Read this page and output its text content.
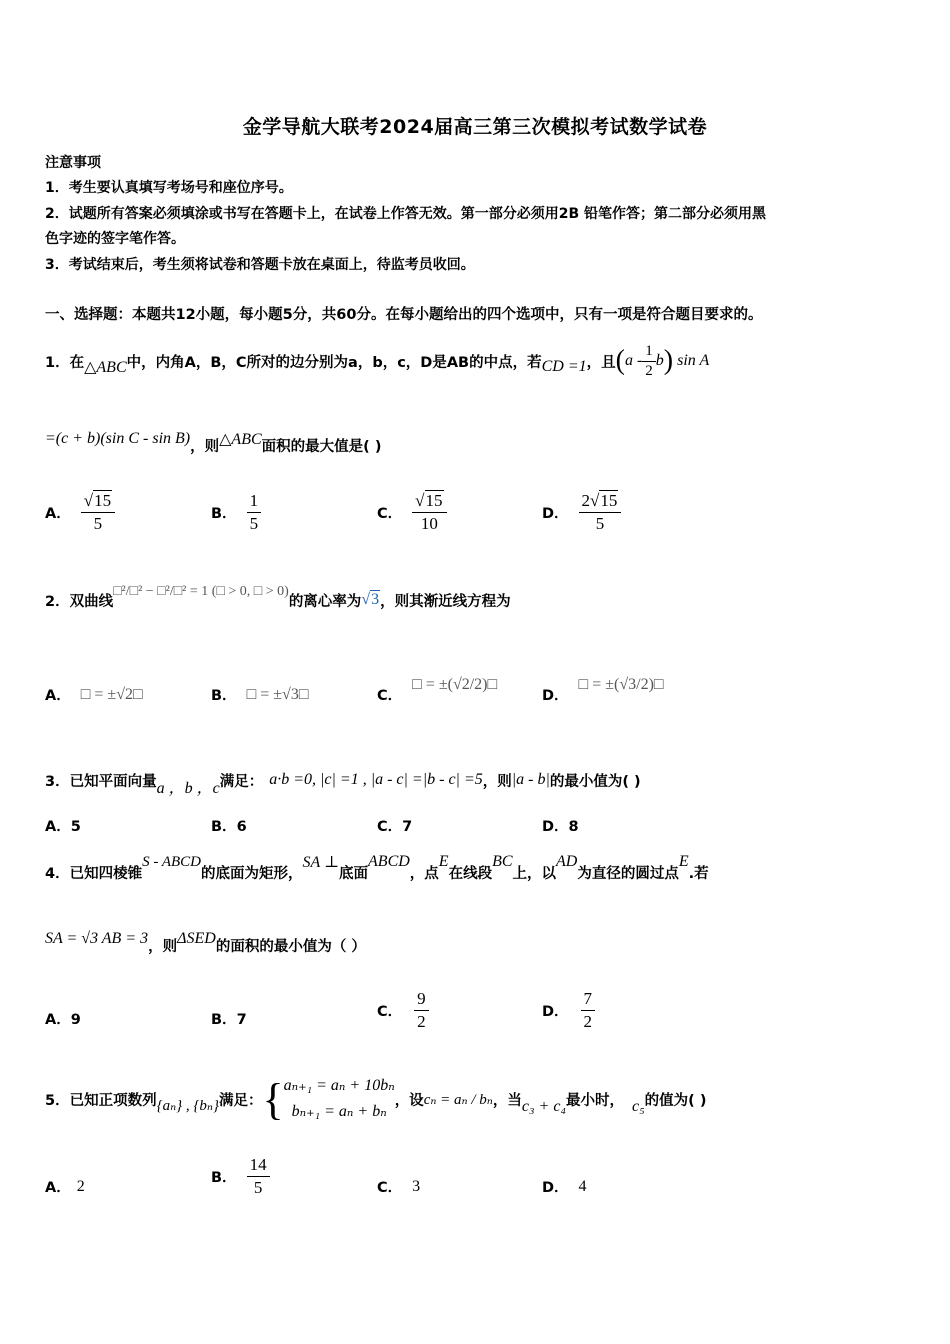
金学导航大联考2024届高三第三次模拟考试数学试卷
注意事项
1．考生要认真填写考场号和座位序号。
2．试题所有答案必须填涂或书写在答题卡上，在试卷上作答无效。第一部分必须用2B 铅笔作答；第二部分必须用黑
色字迹的签字笔作答。
3．考试结束后，考生须将试卷和答题卡放在桌面上，待监考员收回。
一、选择题：本题共12小题，每小题5分，共60分。在每小题给出的四个选项中，只有一项是符合题目要求的。
1．在 △ABC 中，内角A，B，C所对的边分别为a，b，c，D是AB的中点，若 CD =1 ，且 ( a - $\frac{1}{2}$ b ) sin A
=(c + b)(sin C - sin B) ，则 △ABC 面积的最大值是( )
A． $\frac{√15}{5}$	B． $\frac{1}{5}$	C． $\frac{√15}{10}$	D． $\frac{2√15}{5}$
2．双曲线
□²/□² − □²/□² = 1 (□ > 0, □ > 0)
的离心率为 √3 ，则其渐近线方程为
A． □ = ±√2□	B． □ = ±√3□	C．
□ = ±(√2/2)□
D．
□ = ±(√3/2)□
3．已知平面向量 a ，b ，c 满足： a·b =0, |c| =1 , |a - c| =|b - c| =5 ，则 |a - b| 的最小值为( )
A．5	B．6	C．7	D．8
4．已知四棱锥
S - ABCD
的底面为矩形，
SA ⊥
底面
ABCD
，点
E
在线段
BC
上，以
AD
为直径的圆过点
E
.若
SA = √3 AB = 3 ，则 ΔSED 的面积的最小值为（ ）
A．9	B．7
C． $\frac{9}{2}$	D． $\frac{7}{2}$
5．已知正项数列 {aₙ} , {bₙ} 满足： { aₙ₊₁ = aₙ + 10bₙ
bₙ₊₁ = aₙ + bₙ
，设 cₙ = aₙ / bₙ ，当 c₃ + c₄ 最小时， c₅ 的值为( )
A． 2	B． $\frac{14}{5}$	C． 3	D． 4
